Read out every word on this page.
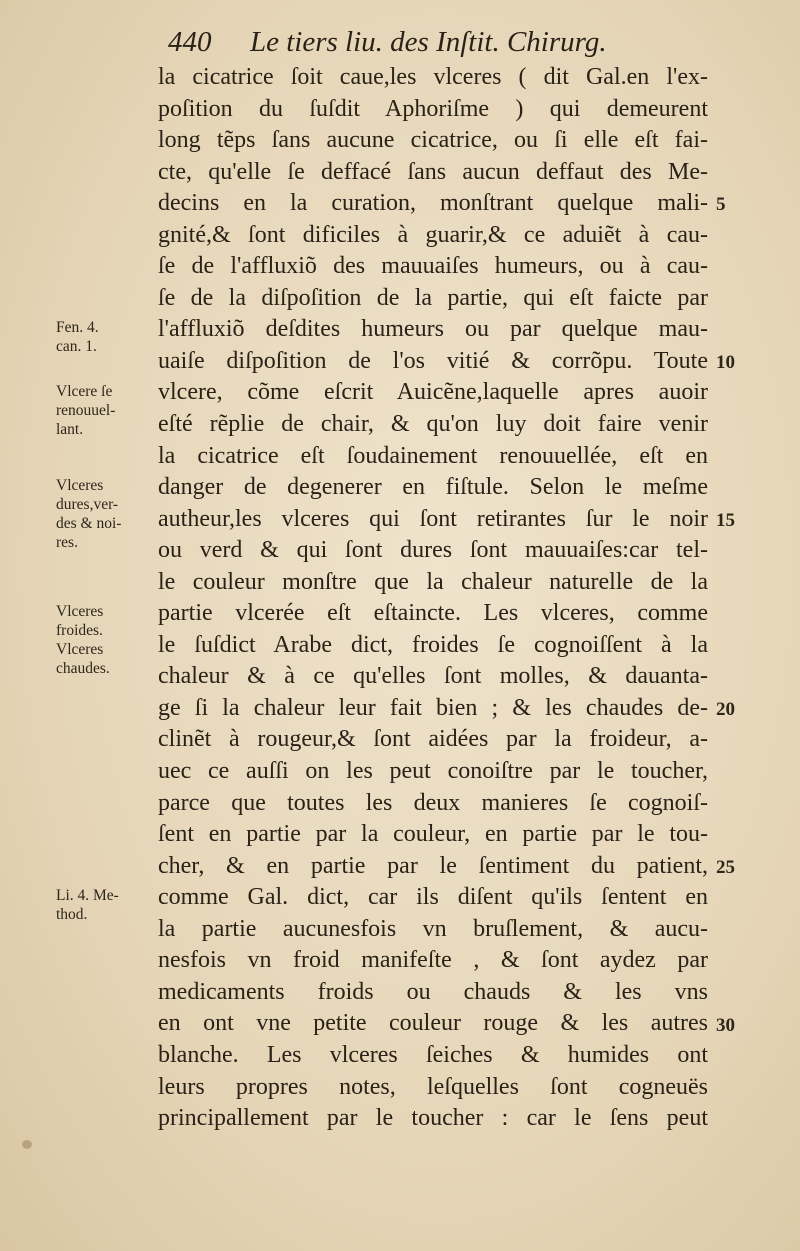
440 Le tiers liu. des Inſtit. Chirurg.
la cicatrice ſoit caue,les vlceres ( dit Gal.en l'ex-
poſition du ſuſdit Aphoriſme ) qui demeurent
long tẽps ſans aucune cicatrice, ou ſi elle eſt fai-
cte, qu'elle ſe deffacé ſans aucun deffaut des Me-
decins en la curation, monſtrant quelque mali-
gnité,& ſont dificiles à guarir,& ce aduiẽt à cau-
ſe de l'affluxiõ des mauuaiſes humeurs, ou à cau-
ſe de la diſpoſition de la partie, qui eſt faicte par
l'affluxiõ deſdites humeurs ou par quelque mau-
uaiſe diſpoſition de l'os vitié & corrõpu. Toute
vlcere, cõme eſcrit Auicẽne,laquelle apres auoir
eſté rẽplie de chair, & qu'on luy doit faire venir
la cicatrice eſt ſoudainement renouuellée, eſt en
danger de degenerer en fiſtule. Selon le meſme
autheur,les vlceres qui ſont retirantes ſur le noir
ou verd & qui ſont dures ſont mauuaiſes:car tel-
le couleur monſtre que la chaleur naturelle de la
partie vlcerée eſt eſtaincte. Les vlceres, comme
le ſuſdict Arabe dict, froides ſe cognoiſſent à la
chaleur & à ce qu'elles ſont molles, & dauanta-
ge ſi la chaleur leur fait bien ; & les chaudes de-
clinẽt à rougeur,& ſont aidées par la froideur, a-
uec ce auſſi on les peut conoiſtre par le toucher,
parce que toutes les deux manieres ſe cognoiſ-
ſent en partie par la couleur, en partie par le tou-
cher, & en partie par le ſentiment du patient,
comme Gal. dict, car ils diſent qu'ils ſentent en
la partie aucunesfois vn bruſlement, & aucu-
nesfois vn froid manifeſte , & ſont aydez par
medicaments froids ou chauds & les vns
en ont vne petite couleur rouge & les autres
blanche. Les vlceres ſeiches & humides ont
leurs propres notes, leſquelles ſont cogneuës
principallement par le toucher : car le ſens peut
Fen. 4.
can. 1.
Vlcere ſe
renouuel-
lant.
Vlceres
dures,ver-
des & noi-
res.
Vlceres
froides.
Vlceres
chaudes.
Li. 4. Me-
thod.
5
10
15
20
25
30
